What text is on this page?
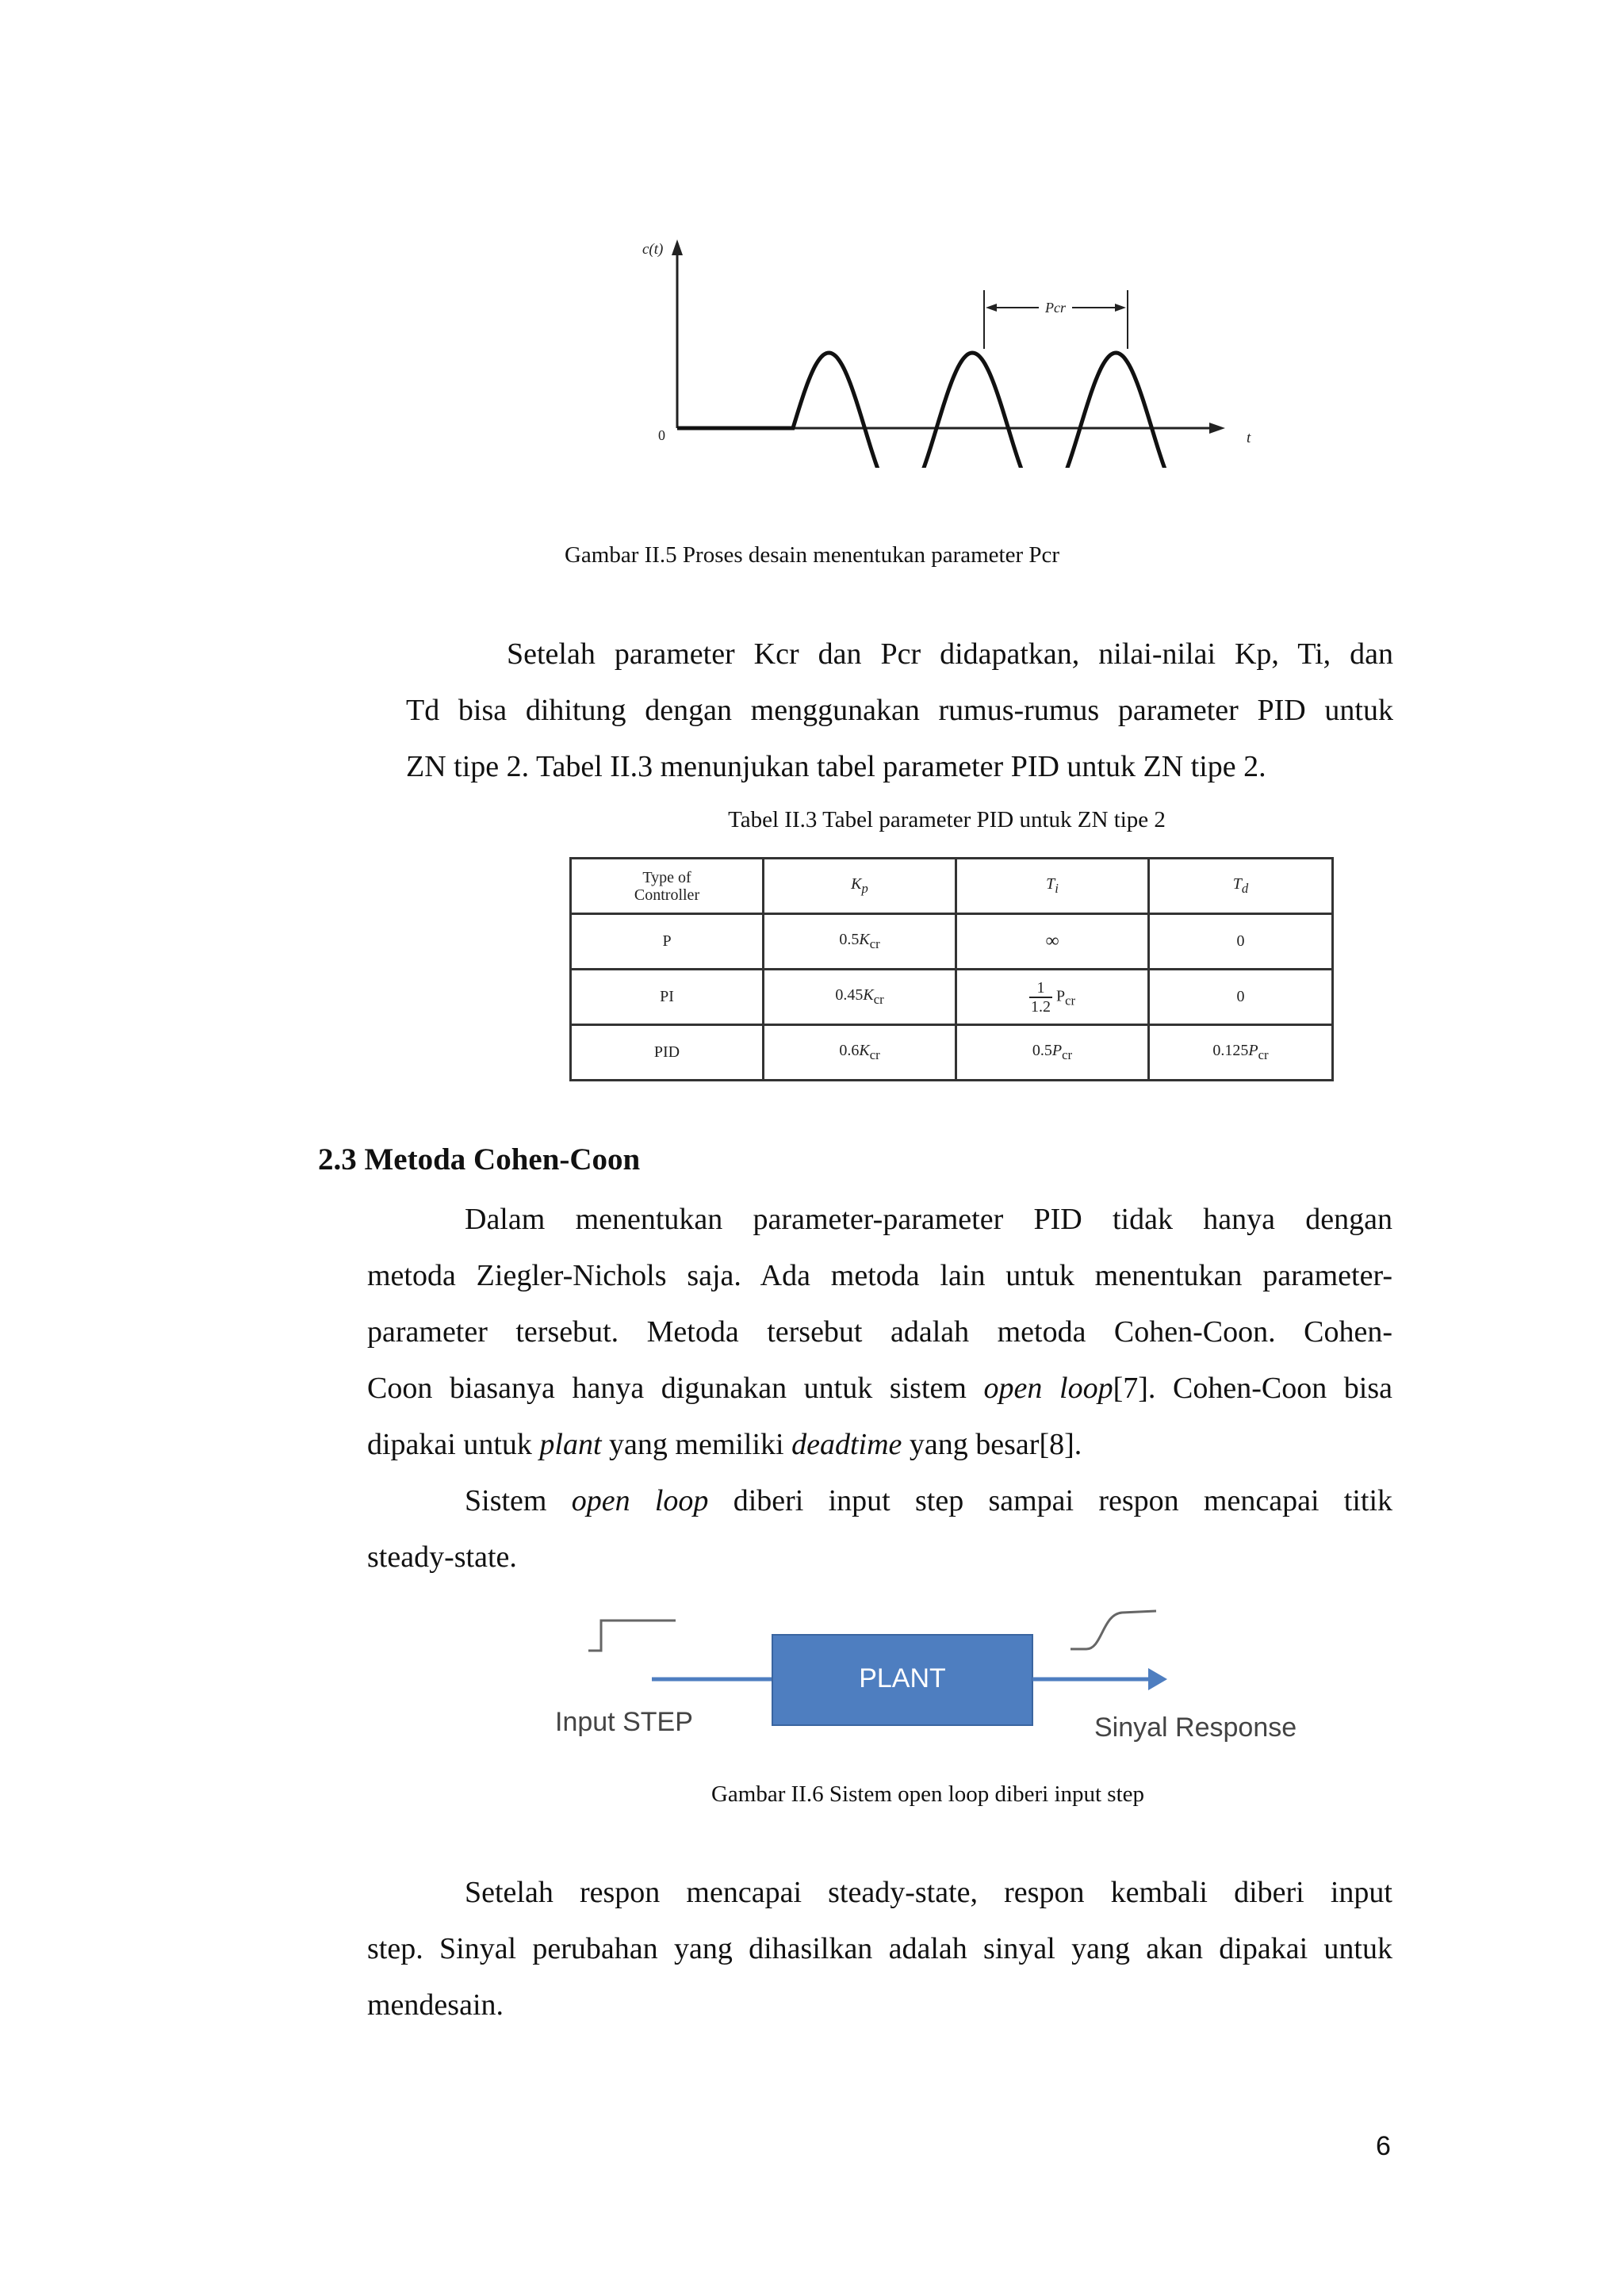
Pcr
c(t)
0	t
Gambar II.5 Proses desain menentukan parameter Pcr
Setelah parameter Kcr dan Pcr didapatkan, nilai-nilai Kp, Ti, dan
Td bisa dihitung dengan menggunakan rumus-rumus parameter PID untuk
ZN tipe 2. Tabel II.3 menunjukan tabel parameter PID untuk ZN tipe 2.
Tabel II.3 Tabel parameter PID untuk ZN tipe 2
Type of
Controller	$K_p$	$T_i$	$T_d$
P	$0.5K_{cr}$	∞	0
PI	$0.45K_{cr}$	$\frac{1}{1.2} P_{cr}$	0
PID	$0.6K_{cr}$	$0.5P_{cr}$	$0.125P_{cr}$
2.3 Metoda Cohen-Coon
Dalam menentukan parameter-parameter PID tidak hanya dengan
metoda Ziegler-Nichols saja. Ada metoda lain untuk menentukan parameter-
parameter tersebut. Metoda tersebut adalah metoda Cohen-Coon. Cohen-
Coon biasanya hanya digunakan untuk sistem open loop[7]. Cohen-Coon bisa
dipakai untuk plant yang memiliki deadtime yang besar[8].
Sistem open loop diberi input step sampai respon mencapai titik
steady-state.
PLANT
Input STEP	Sinyal Response
Gambar II.6 Sistem open loop diberi input step
Setelah respon mencapai steady-state, respon kembali diberi input
step. Sinyal perubahan yang dihasilkan adalah sinyal yang akan dipakai untuk
mendesain.
6
